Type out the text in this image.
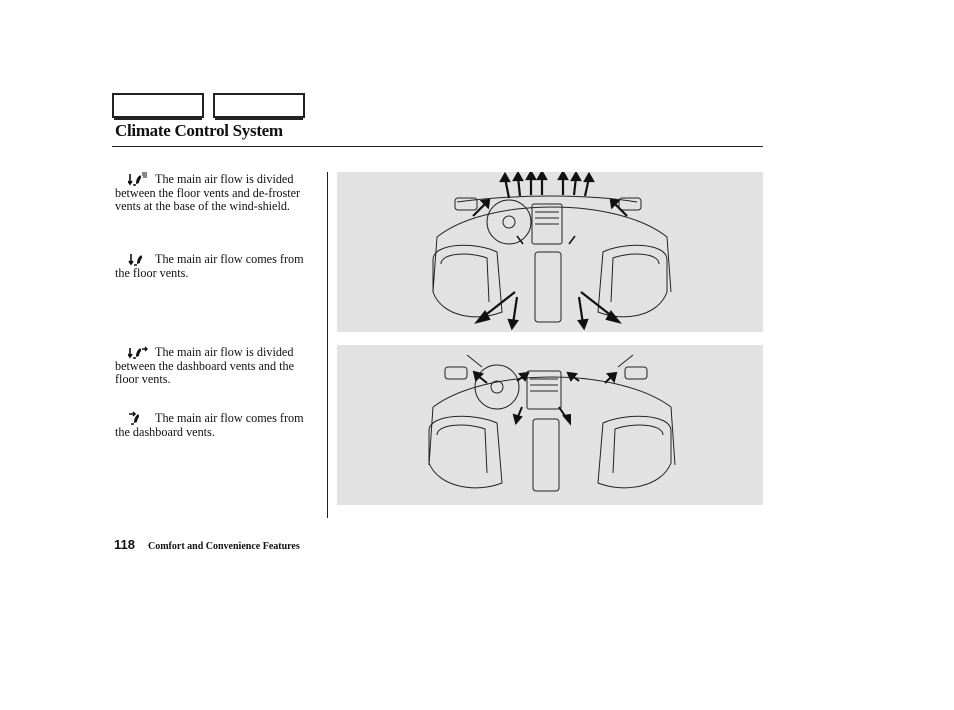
Climate Control System
The main air flow is divided between the floor vents and de-froster vents at the base of the wind-shield.
The main air flow comes from the floor vents.
The main air flow is divided between the dashboard vents and the floor vents.
The main air flow comes from the dashboard vents.
118 Comfort and Convenience Features
